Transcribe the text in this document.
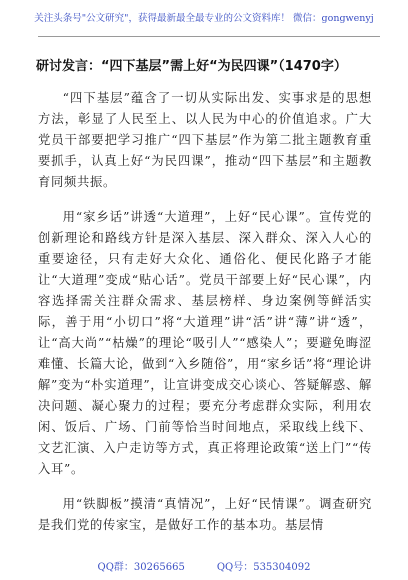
关注头条号"公文研究"，获得最新最全最专业的公文资料库！ 微信：gongwenyj
研讨发言：“四下基层”需上好“为民四课”（1470字）

“四下基层”蕴含了一切从实际出发、实事求是的思想方法，彰显了人民至上、以人民为中心的价值追求。广大党员干部要把学习推广“四下基层”作为第二批主题教育重要抓手，认真上好“为民四课”，推动“四下基层”和主题教育同频共振。

用“家乡话”讲透“大道理”，上好“民心课”。宣传党的创新理论和路线方针是深入基层、深入群众、深入人心的重要途径，只有走好大众化、通俗化、便民化路子才能让“大道理”变成“贴心话”。党员干部要上好“民心课”，内容选择需关注群众需求、基层榜样、身边案例等鲜活实际，善于用“小切口”将“大道理”讲“活”讲“薄”讲“透”，让“高大尚”“枯燥”的理论“吸引人”“感染人”；要避免晦涩难懂、长篇大论，做到“入乡随俗”，用“家乡话”将“理论讲解”变为“朴实道理”，让宣讲变成交心谈心、答疑解惑、解决问题、凝心聚力的过程；要充分考虑群众实际，利用农闲、饭后、广场、门前等恰当时间地点，采取线上线下、文艺汇演、入户走访等方式，真正将理论政策“送上门”“传入耳”。

用“铁脚板”摸清“真情况”，上好“民情课”。调查研究是我们党的传家宝，是做好工作的基本功。基层情

QQ群：30265665	QQ号：535304092
